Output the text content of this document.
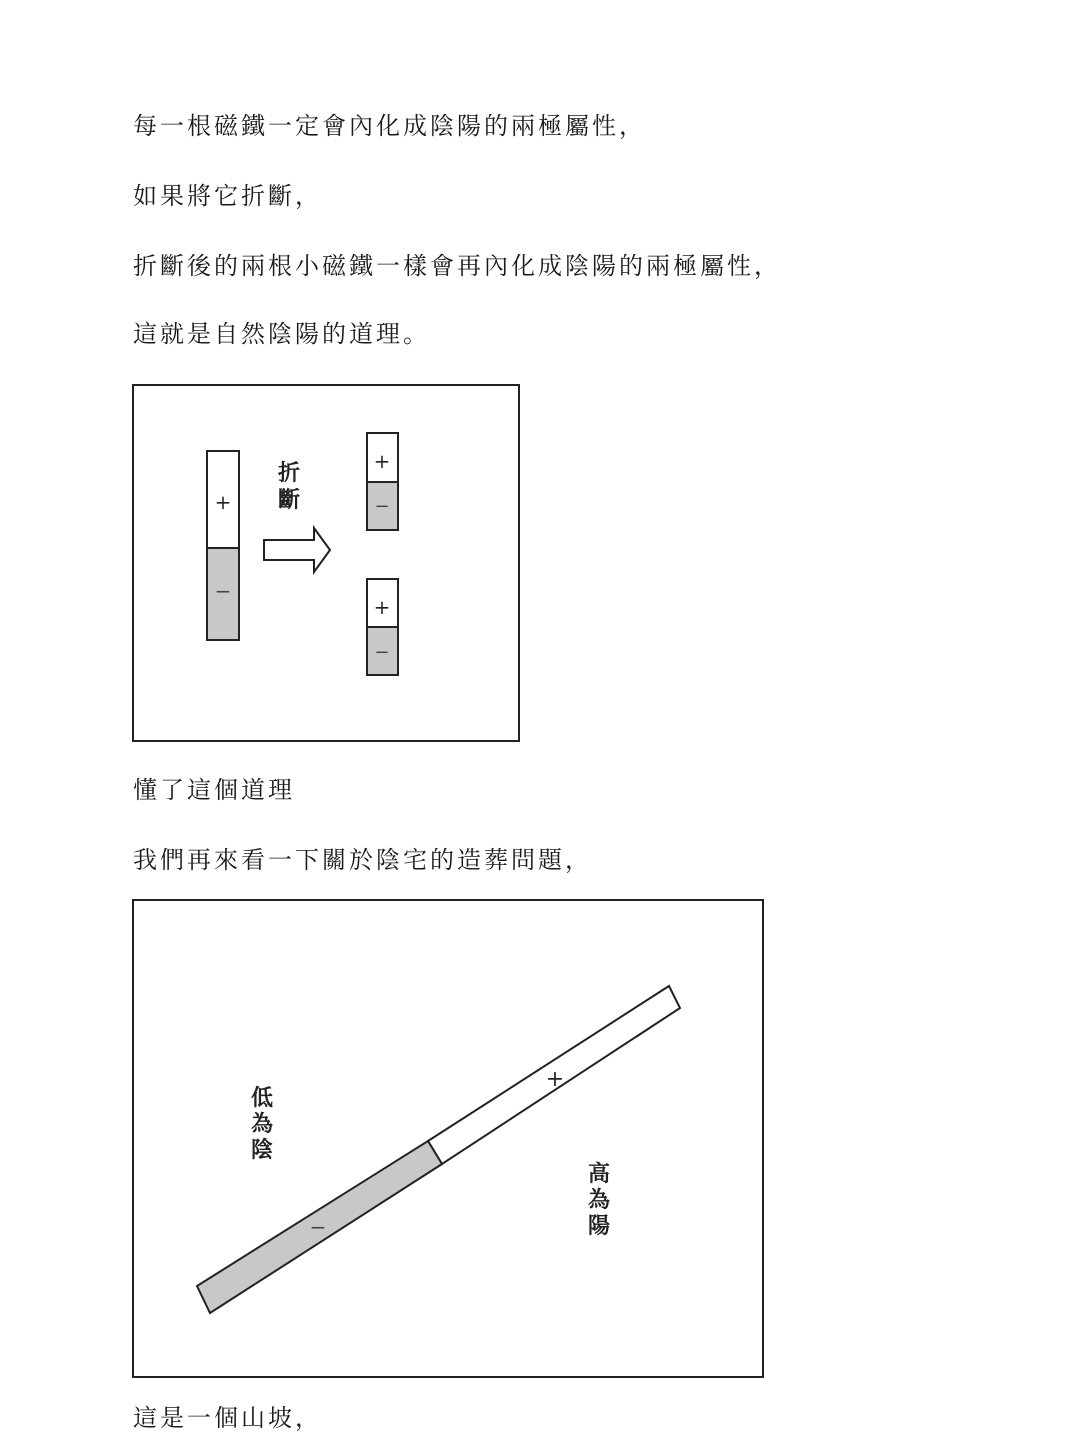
每一根磁鐵一定會內化成陰陽的兩極屬性，

如果將它折斷，

折斷後的兩根小磁鐵一樣會再內化成陰陽的兩極屬性，

這就是自然陰陽的道理。

+
−
折
斷
+
−
+
−

懂了這個道理

我們再來看一下關於陰宅的造葬問題，

+
−
低
為
陰
高
為
陽

這是一個山坡，
